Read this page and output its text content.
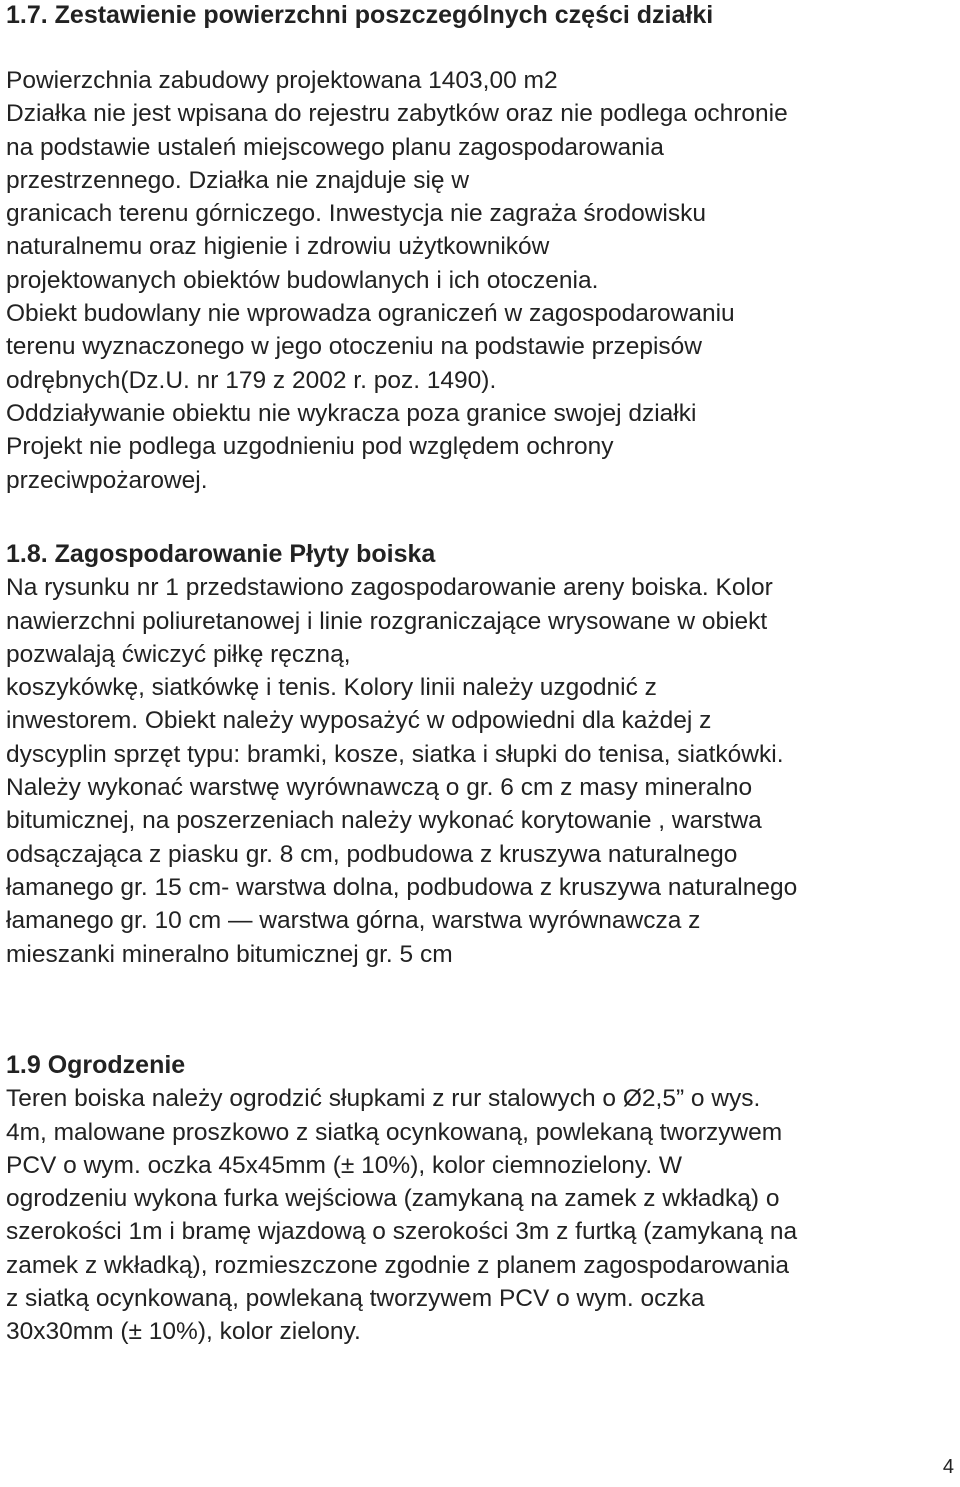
1.7. Zestawienie powierzchni poszczególnych części działki
Powierzchnia zabudowy projektowana 1403,00 m2
Działka nie jest wpisana do rejestru zabytków oraz nie podlega ochronie
na podstawie ustaleń miejscowego planu zagospodarowania
przestrzennego. Działka nie znajduje się w
granicach terenu górniczego. Inwestycja nie zagraża środowisku
naturalnemu oraz higienie i zdrowiu użytkowników
projektowanych obiektów budowlanych i ich otoczenia.
Obiekt budowlany nie wprowadza ograniczeń w zagospodarowaniu
terenu wyznaczonego w jego otoczeniu na podstawie przepisów
odrębnych(Dz.U. nr 179 z 2002 r. poz. 1490).
Oddziaływanie obiektu nie wykracza poza granice swojej działki
Projekt nie podlega uzgodnieniu pod względem ochrony
przeciwpożarowej.
1.8. Zagospodarowanie Płyty boiska
Na rysunku nr 1 przedstawiono zagospodarowanie areny boiska. Kolor
nawierzchni poliuretanowej i linie rozgraniczające wrysowane w obiekt
pozwalają ćwiczyć piłkę ręczną,
koszykówkę, siatkówkę i tenis. Kolory linii należy uzgodnić z
inwestorem. Obiekt należy wyposażyć w odpowiedni dla każdej z
dyscyplin sprzęt typu: bramki, kosze, siatka i słupki do tenisa, siatkówki.
Należy wykonać warstwę wyrównawczą o gr. 6 cm z masy mineralno
bitumicznej, na poszerzeniach należy wykonać korytowanie , warstwa
odsączająca z piasku gr. 8 cm, podbudowa z kruszywa naturalnego
łamanego gr. 15 cm- warstwa dolna, podbudowa z kruszywa naturalnego
łamanego gr. 10 cm — warstwa górna, warstwa wyrównawcza z
mieszanki mineralno bitumicznej gr. 5 cm
1.9 Ogrodzenie
Teren boiska należy ogrodzić słupkami z rur stalowych o Ø2,5” o wys.
4m, malowane proszkowo z siatką ocynkowaną, powlekaną tworzywem
PCV o wym. oczka 45x45mm (± 10%), kolor ciemnozielony. W
ogrodzeniu wykona furka wejściowa (zamykaną na zamek z wkładką) o
szerokości 1m i bramę wjazdową o szerokości 3m z furtką (zamykaną na
zamek z wkładką), rozmieszczone zgodnie z planem zagospodarowania
z siatką ocynkowaną, powlekaną tworzywem PCV o wym. oczka
30x30mm (± 10%), kolor zielony.
4
